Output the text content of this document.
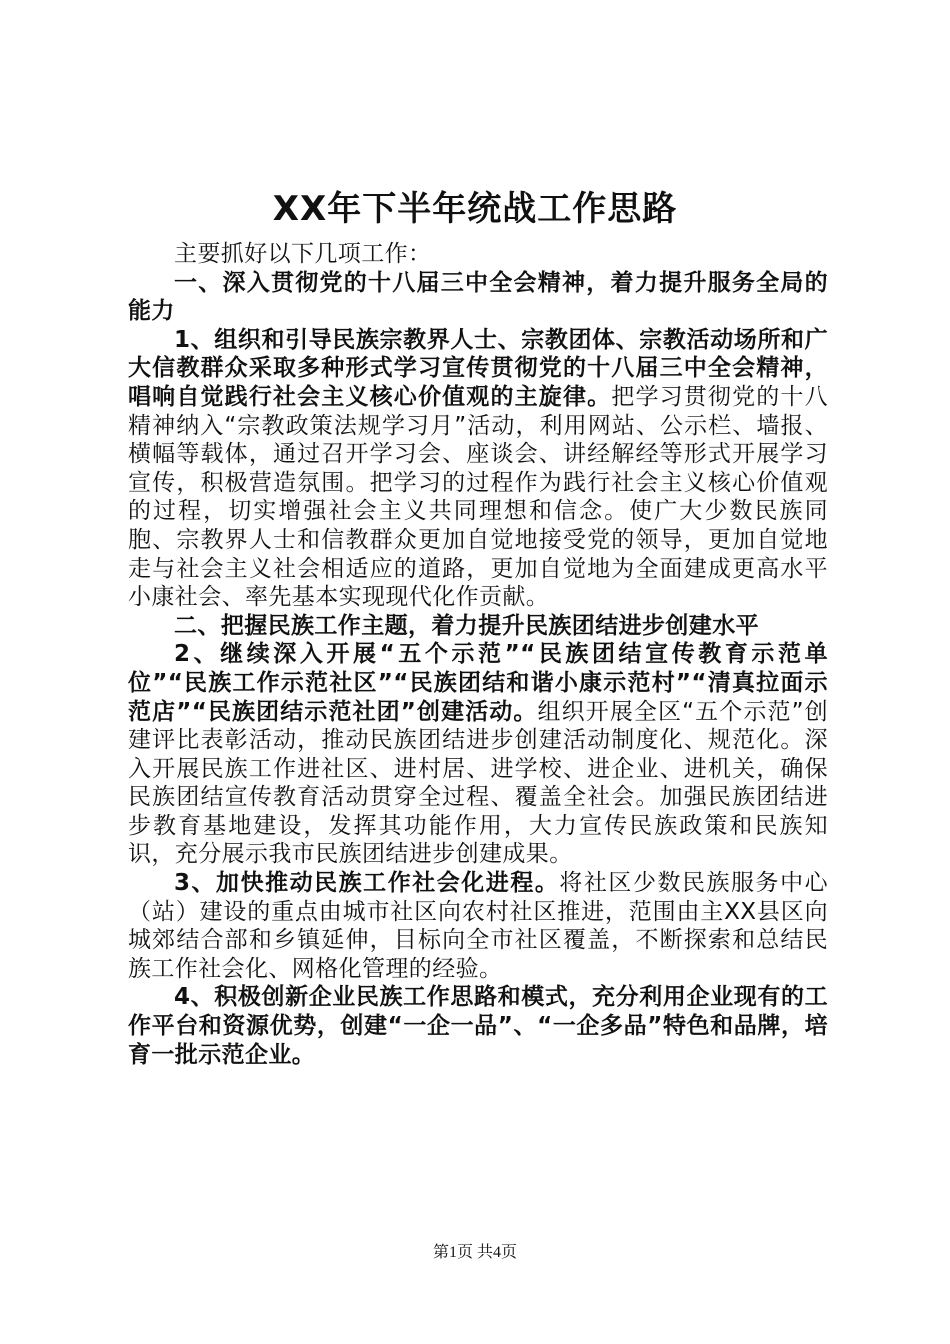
XX年下半年统战工作思路

主要抓好以下几项工作：

一、深入贯彻党的十八届三中全会精神，着力提升服务全局的能力

1、组织和引导民族宗教界人士、宗教团体、宗教活动场所和广大信教群众采取多种形式学习宣传贯彻党的十八届三中全会精神，唱响自觉践行社会主义核心价值观的主旋律。把学习贯彻党的十八精神纳入“宗教政策法规学习月”活动，利用网站、公示栏、墙报、横幅等载体，通过召开学习会、座谈会、讲经解经等形式开展学习宣传，积极营造氛围。把学习的过程作为践行社会主义核心价值观的过程，切实增强社会主义共同理想和信念。使广大少数民族同胞、宗教界人士和信教群众更加自觉地接受党的领导，更加自觉地走与社会主义社会相适应的道路，更加自觉地为全面建成更高水平小康社会、率先基本实现现代化作贡献。

二、把握民族工作主题，着力提升民族团结进步创建水平

2、继续深入开展“五个示范”“民族团结宣传教育示范单位”“民族工作示范社区”“民族团结和谐小康示范村”“清真拉面示范店”“民族团结示范社团”创建活动。组织开展全区“五个示范”创建评比表彰活动，推动民族团结进步创建活动制度化、规范化。深入开展民族工作进社区、进村居、进学校、进企业、进机关，确保民族团结宣传教育活动贯穿全过程、覆盖全社会。加强民族团结进步教育基地建设，发挥其功能作用，大力宣传民族政策和民族知识，充分展示我市民族团结进步创建成果。

3、加快推动民族工作社会化进程。将社区少数民族服务中心（站）建设的重点由城市社区向农村社区推进，范围由主XX县区向城郊结合部和乡镇延伸，目标向全市社区覆盖，不断探索和总结民族工作社会化、网格化管理的经验。

4、积极创新企业民族工作思路和模式，充分利用企业现有的工作平台和资源优势，创建“一企一品”、“一企多品”特色和品牌，培育一批示范企业。

第1页 共4页
